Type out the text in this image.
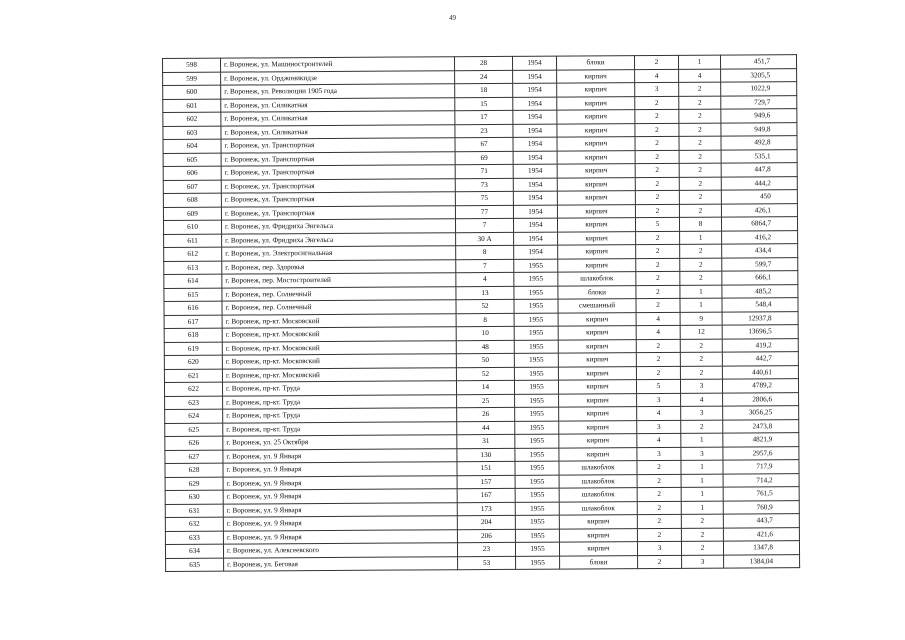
49
598	г. Воронеж, ул. Машиностроителей	28	1954	блоки	2	1	451,7
599	г. Воронеж, ул. Орджоникидзе	24	1954	кирпич	4	4	3205,5
600	г. Воронеж, ул. Революции 1905 года	18	1954	кирпич	3	2	1022,9
601	г. Воронеж, ул. Силикатная	15	1954	кирпич	2	2	729,7
602	г. Воронеж, ул. Силикатная	17	1954	кирпич	2	2	949,6
603	г. Воронеж, ул. Силикатная	23	1954	кирпич	2	2	949,8
604	г. Воронеж, ул. Транспортная	67	1954	кирпич	2	2	492,8
605	г. Воронеж, ул. Транспортная	69	1954	кирпич	2	2	535,1
606	г. Воронеж, ул. Транспортная	71	1954	кирпич	2	2	447,8
607	г. Воронеж, ул. Транспортная	73	1954	кирпич	2	2	444,2
608	г. Воронеж, ул. Транспортная	75	1954	кирпич	2	2	450
609	г. Воронеж, ул. Транспортная	77	1954	кирпич	2	2	426,1
610	г. Воронеж, ул. Фридриха Энгельса	7	1954	кирпич	5	8	6864,7
611	г. Воронеж, ул. Фридриха Энгельса	30 А	1954	кирпич	2	1	416,2
612	г. Воронеж, ул. Электросигнальная	8	1954	кирпич	2	2	434,4
613	г. Воронеж, пер. Здоровья	7	1955	кирпич	2	2	599,7
614	г. Воронеж, пер. Мостостроителей	4	1955	шлакоблок	2	2	666,1
615	г. Воронеж, пер. Солнечный	13	1955	блоки	2	1	485,2
616	г. Воронеж, пер. Солнечный	52	1955	смешанный	2	1	548,4
617	г. Воронеж, пр-кт. Московский	8	1955	кирпич	4	9	12937,8
618	г. Воронеж, пр-кт. Московский	10	1955	кирпич	4	12	13696,5
619	г. Воронеж, пр-кт. Московский	48	1955	кирпич	2	2	419,2
620	г. Воронеж, пр-кт. Московский	50	1955	кирпич	2	2	442,7
621	г. Воронеж, пр-кт. Московский	52	1955	кирпич	2	2	440,61
622	г. Воронеж, пр-кт. Труда	14	1955	кирпич	5	3	4789,2
623	г. Воронеж, пр-кт. Труда	25	1955	кирпич	3	4	2806,6
624	г. Воронеж, пр-кт. Труда	26	1955	кирпич	4	3	3056,25
625	г. Воронеж, пр-кт. Труда	44	1955	кирпич	3	2	2473,8
626	г. Воронеж, ул. 25 Октября	31	1955	кирпич	4	1	4821,9
627	г. Воронеж, ул. 9 Января	130	1955	кирпич	3	3	2957,6
628	г. Воронеж, ул. 9 Января	151	1955	шлакоблок	2	1	717,9
629	г. Воронеж, ул. 9 Января	157	1955	шлакоблок	2	1	714,2
630	г. Воронеж, ул. 9 Января	167	1955	шлакоблок	2	1	761,5
631	г. Воронеж, ул. 9 Января	173	1955	шлакоблок	2	1	760,9
632	г. Воронеж, ул. 9 Января	204	1955	кирпич	2	2	443,7
633	г. Воронеж, ул. 9 Января	206	1955	кирпич	2	2	421,6
634	г. Воронеж, ул. Алексеевского	23	1955	кирпич	3	2	1347,8
635	г. Воронеж, ул. Беговая	53	1955	блоки	2	3	1384,04
